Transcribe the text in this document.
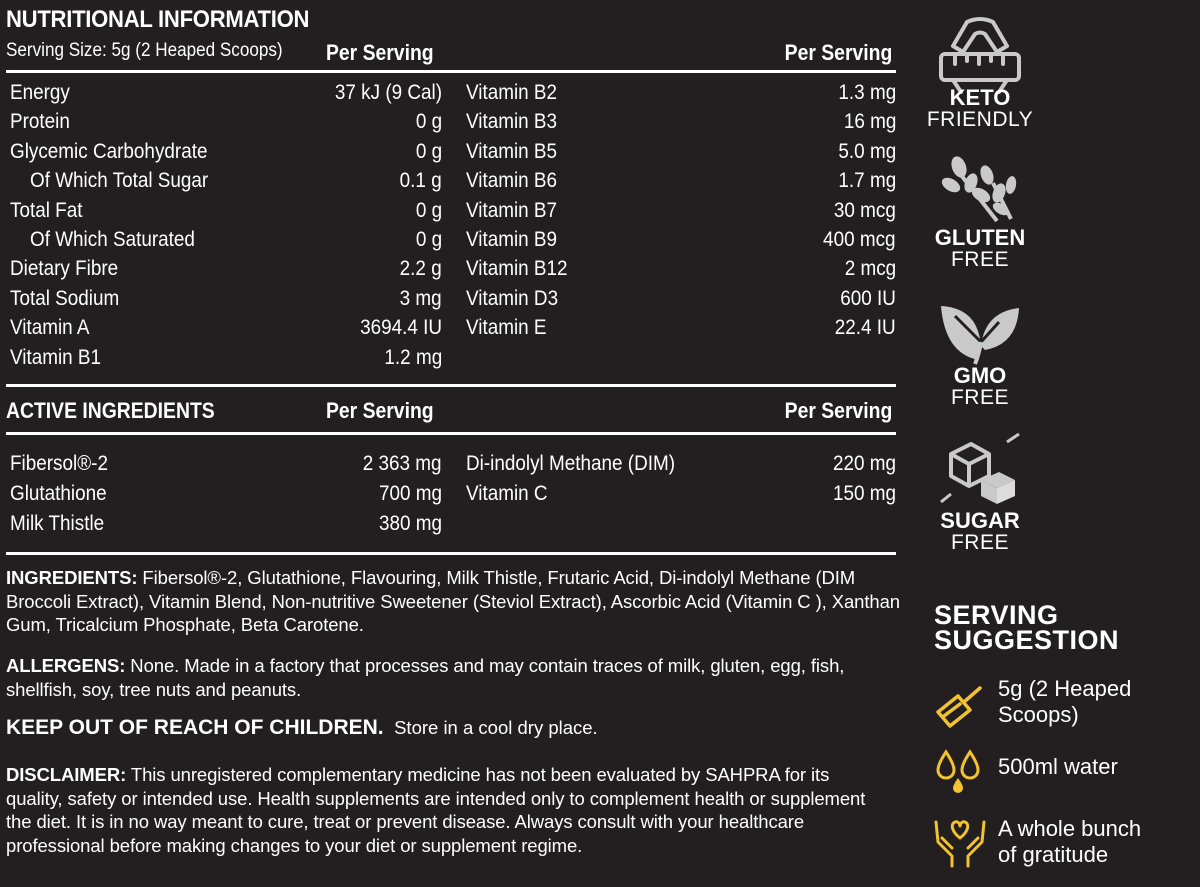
NUTRITIONAL INFORMATION
Serving Size: 5g (2 Heaped Scoops) Per Serving	Per Serving
Energy	37 kJ (9 Cal)
Protein	0 g
Glycemic Carbohydrate	0 g
Of Which Total Sugar	0.1 g
Total Fat	0 g
Of Which Saturated	0 g
Dietary Fibre	2.2 g
Total Sodium	3 mg
Vitamin A	3694.4 IU
Vitamin B1	1.2 mg
Vitamin B2	1.3 mg
Vitamin B3	16 mg
Vitamin B5	5.0 mg
Vitamin B6	1.7 mg
Vitamin B7	30 mcg
Vitamin B9	400 mcg
Vitamin B12	2 mcg
Vitamin D3	600 IU
Vitamin E	22.4 IU
ACTIVE INGREDIENTS	Per Serving	Per Serving
Fibersol®-2	2 363 mg
Glutathione	700 mg
Milk Thistle	380 mg
Di-indolyl Methane (DIM)	220 mg
Vitamin C	150 mg
INGREDIENTS: Fibersol®-2, Glutathione, Flavouring, Milk Thistle, Frutaric Acid, Di-indolyl Methane (DIM Broccoli Extract), Vitamin Blend, Non-nutritive Sweetener (Steviol Extract), Ascorbic Acid (Vitamin C ), Xanthan Gum, Tricalcium Phosphate, Beta Carotene.
ALLERGENS: None. Made in a factory that processes and may contain traces of milk, gluten, egg, fish, shellfish, soy, tree nuts and peanuts.
KEEP OUT OF REACH OF CHILDREN. Store in a cool dry place.
DISCLAIMER: This unregistered complementary medicine has not been evaluated by SAHPRA for its quality, safety or intended use. Health supplements are intended only to complement health or supplement the diet. It is in no way meant to cure, treat or prevent disease. Always consult with your healthcare professional before making changes to your diet or supplement regime.
KETO
FRIENDLY
GLUTEN
FREE
GMO
FREE
SUGAR
FREE
SERVING
SUGGESTION
5g (2 Heaped
Scoops)
500ml water
A whole bunch
of gratitude
